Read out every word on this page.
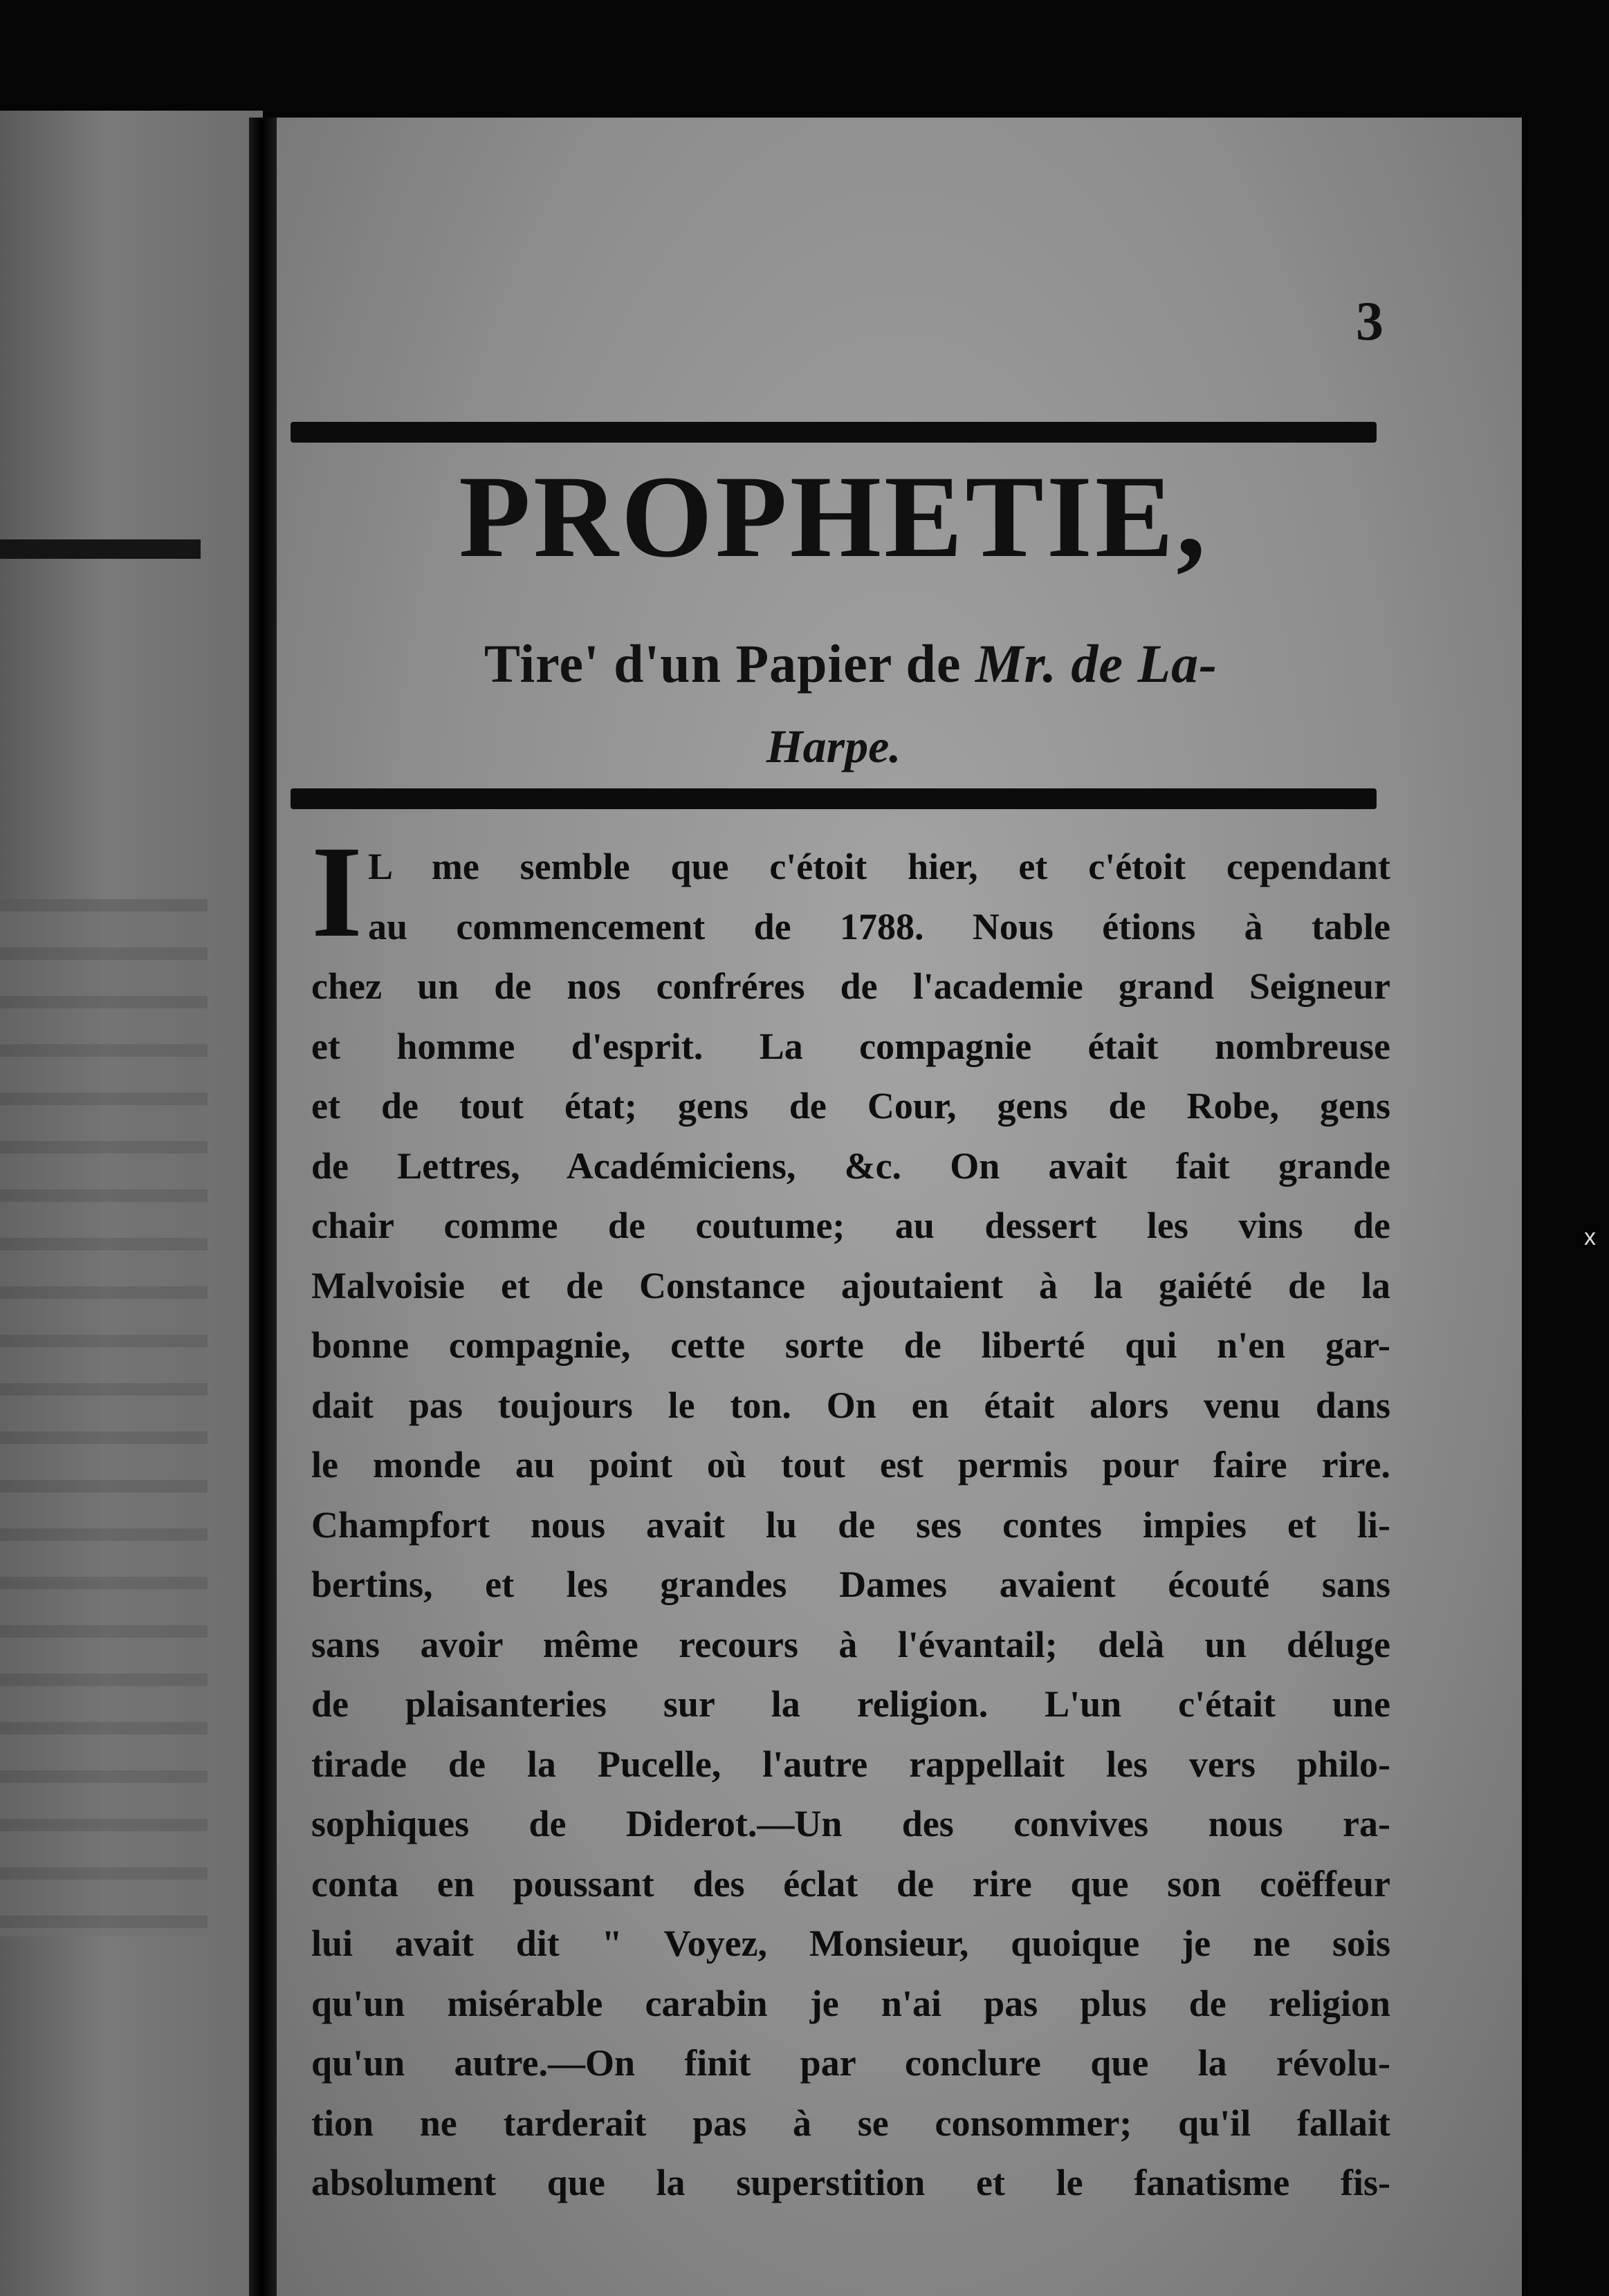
3
PROPHETIE,
Tire' d'un Papier de Mr. de La-
Harpe.
I L me semble que c'étoit hier, et c'étoit cependant
au commencement de 1788. Nous étions à table
chez un de nos confréres de l'academie grand Seigneur
et homme d'esprit. La compagnie était nombreuse
et de tout état; gens de Cour, gens de Robe, gens
de Lettres, Académiciens, &c. On avait fait grande
chair comme de coutume; au dessert les vins de
Malvoisie et de Constance ajoutaient à la gaiété de la
bonne compagnie, cette sorte de liberté qui n'en gar-
dait pas toujours le ton. On en était alors venu dans
le monde au point où tout est permis pour faire rire.
Champfort nous avait lu de ses contes impies et li-
bertins, et les grandes Dames avaient écouté sans
sans avoir même recours à l'évantail; delà un déluge
de plaisanteries sur la religion. L'un c'était une
tirade de la Pucelle, l'autre rappellait les vers philo-
sophiques de Diderot.—Un des convives nous ra-
conta en poussant des éclat de rire que son coëffeur
lui avait dit " Voyez, Monsieur, quoique je ne sois
qu'un misérable carabin je n'ai pas plus de religion
qu'un autre.—On finit par conclure que la révolu-
tion ne tarderait pas à se consommer; qu'il fallait
absolument que la superstition et le fanatisme fis-
x
